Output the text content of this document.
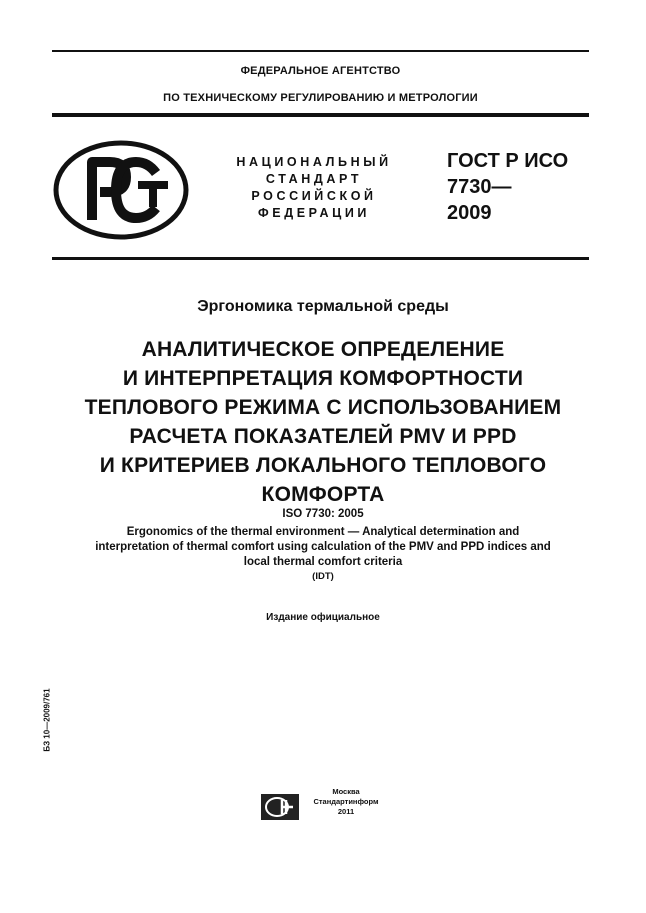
ФЕДЕРАЛЬНОЕ АГЕНТСТВО
ПО ТЕХНИЧЕСКОМУ РЕГУЛИРОВАНИЮ И МЕТРОЛОГИИ
НАЦИОНАЛЬНЫЙ
СТАНДАРТ
РОССИЙСКОЙ
ФЕДЕРАЦИИ
ГОСТ Р ИСО
7730—
2009
Эргономика термальной среды
АНАЛИТИЧЕСКОЕ ОПРЕДЕЛЕНИЕ
И ИНТЕРПРЕТАЦИЯ КОМФОРТНОСТИ
ТЕПЛОВОГО РЕЖИМА С ИСПОЛЬЗОВАНИЕМ
РАСЧЕТА ПОКАЗАТЕЛЕЙ PMV И PPD
И КРИТЕРИЕВ ЛОКАЛЬНОГО ТЕПЛОВОГО
КОМФОРТА
ISO 7730: 2005
Ergonomics of the thermal environment — Analytical determination and
interpretation of thermal comfort using calculation of the PMV and PPD indices and
local thermal comfort criteria
(IDT)
Издание официальное
БЗ 10—2009/761
Москва
Стандартинформ
2011
